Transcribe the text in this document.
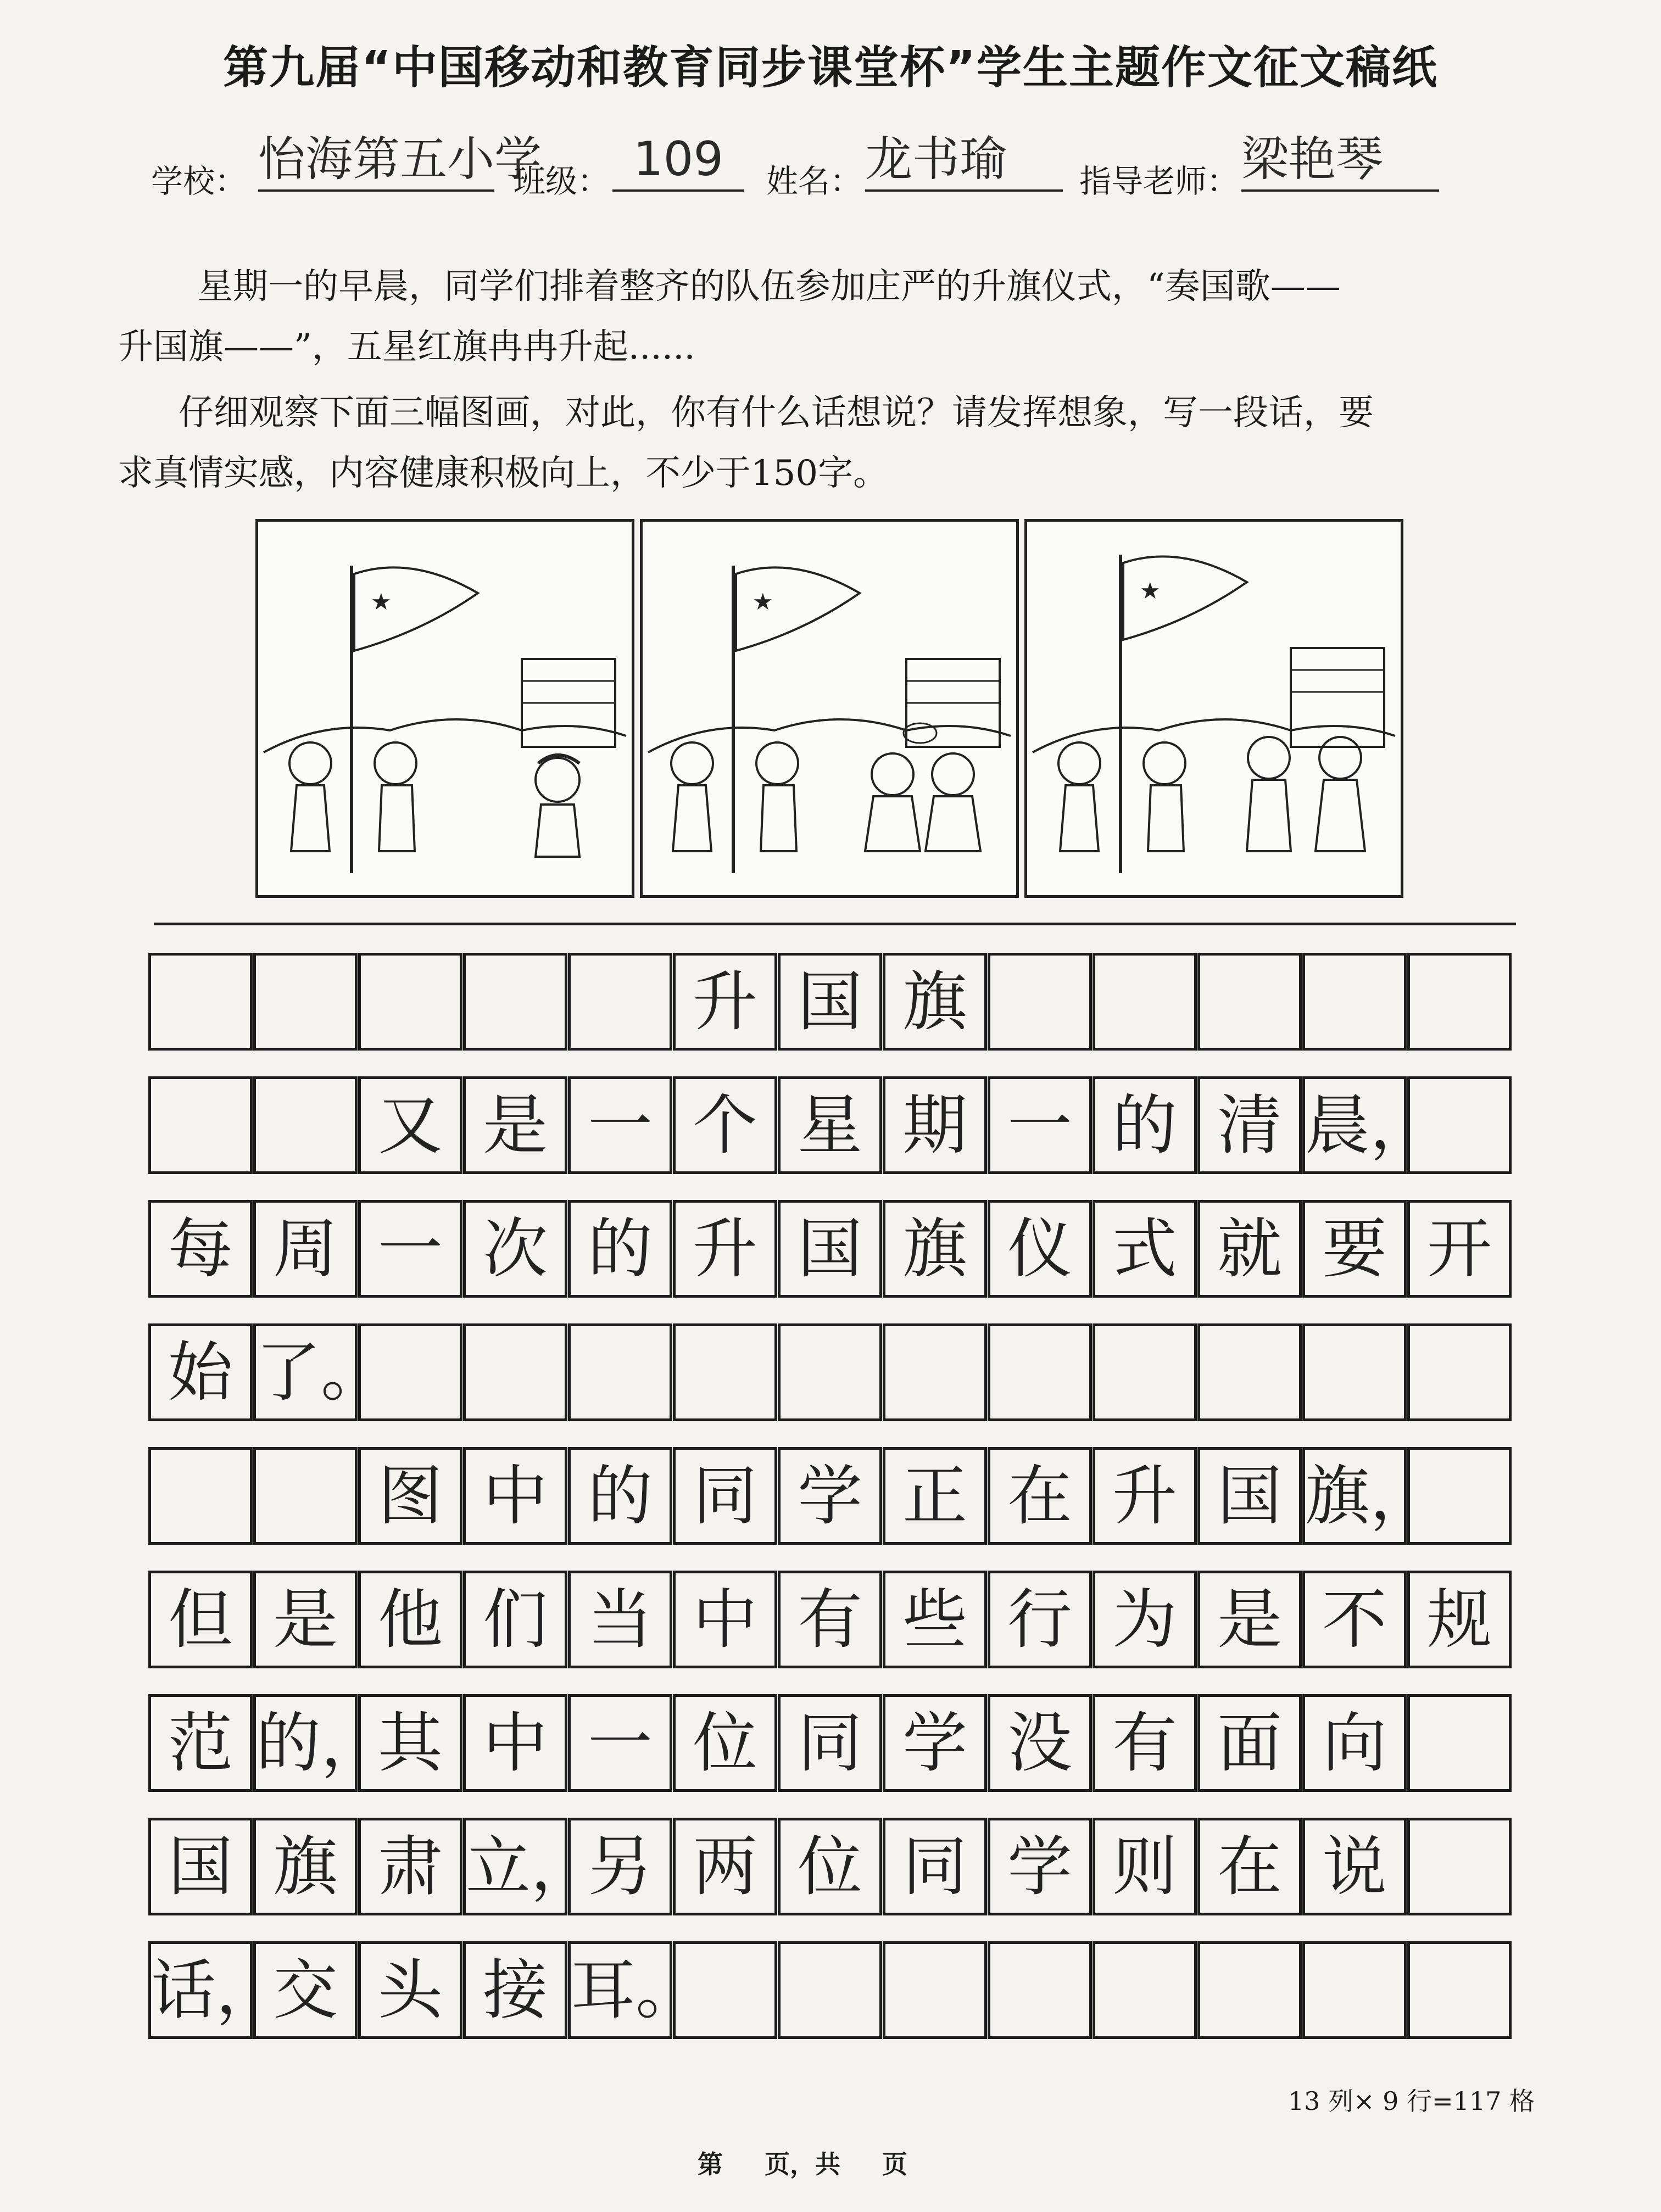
第九届“中国移动和教育同步课堂杯”学生主题作文征文稿纸
学校： 怡海第五小学
班级： 109	姓名： 龙书瑜	指导老师： 梁艳琴
星期一的早晨，同学们排着整齐的队伍参加庄严的升旗仪式，“奏国歌——
升国旗——”，五星红旗冉冉升起......
仔细观察下面三幅图画，对此，你有什么话想说？请发挥想象，写一段话，要
求真情实感，内容健康积极向上，不少于150字。
★	★	★
升 国 旗
又 是 一 个 星 期 一 的 清 晨，
每 周 一 次 的 升 国 旗 仪 式 就 要 开
始 了。
图 中 的 同 学 正 在 升 国 旗，
但 是 他 们 当 中 有 些 行 为 是 不 规
范 的，
其 中 一 位 同 学 没 有 面 向
国 旗 肃 立，
另 两 位 同 学 则 在 说
话，
交 头 接 耳。
13 列× 9 行=117 格
第 页，共 页
